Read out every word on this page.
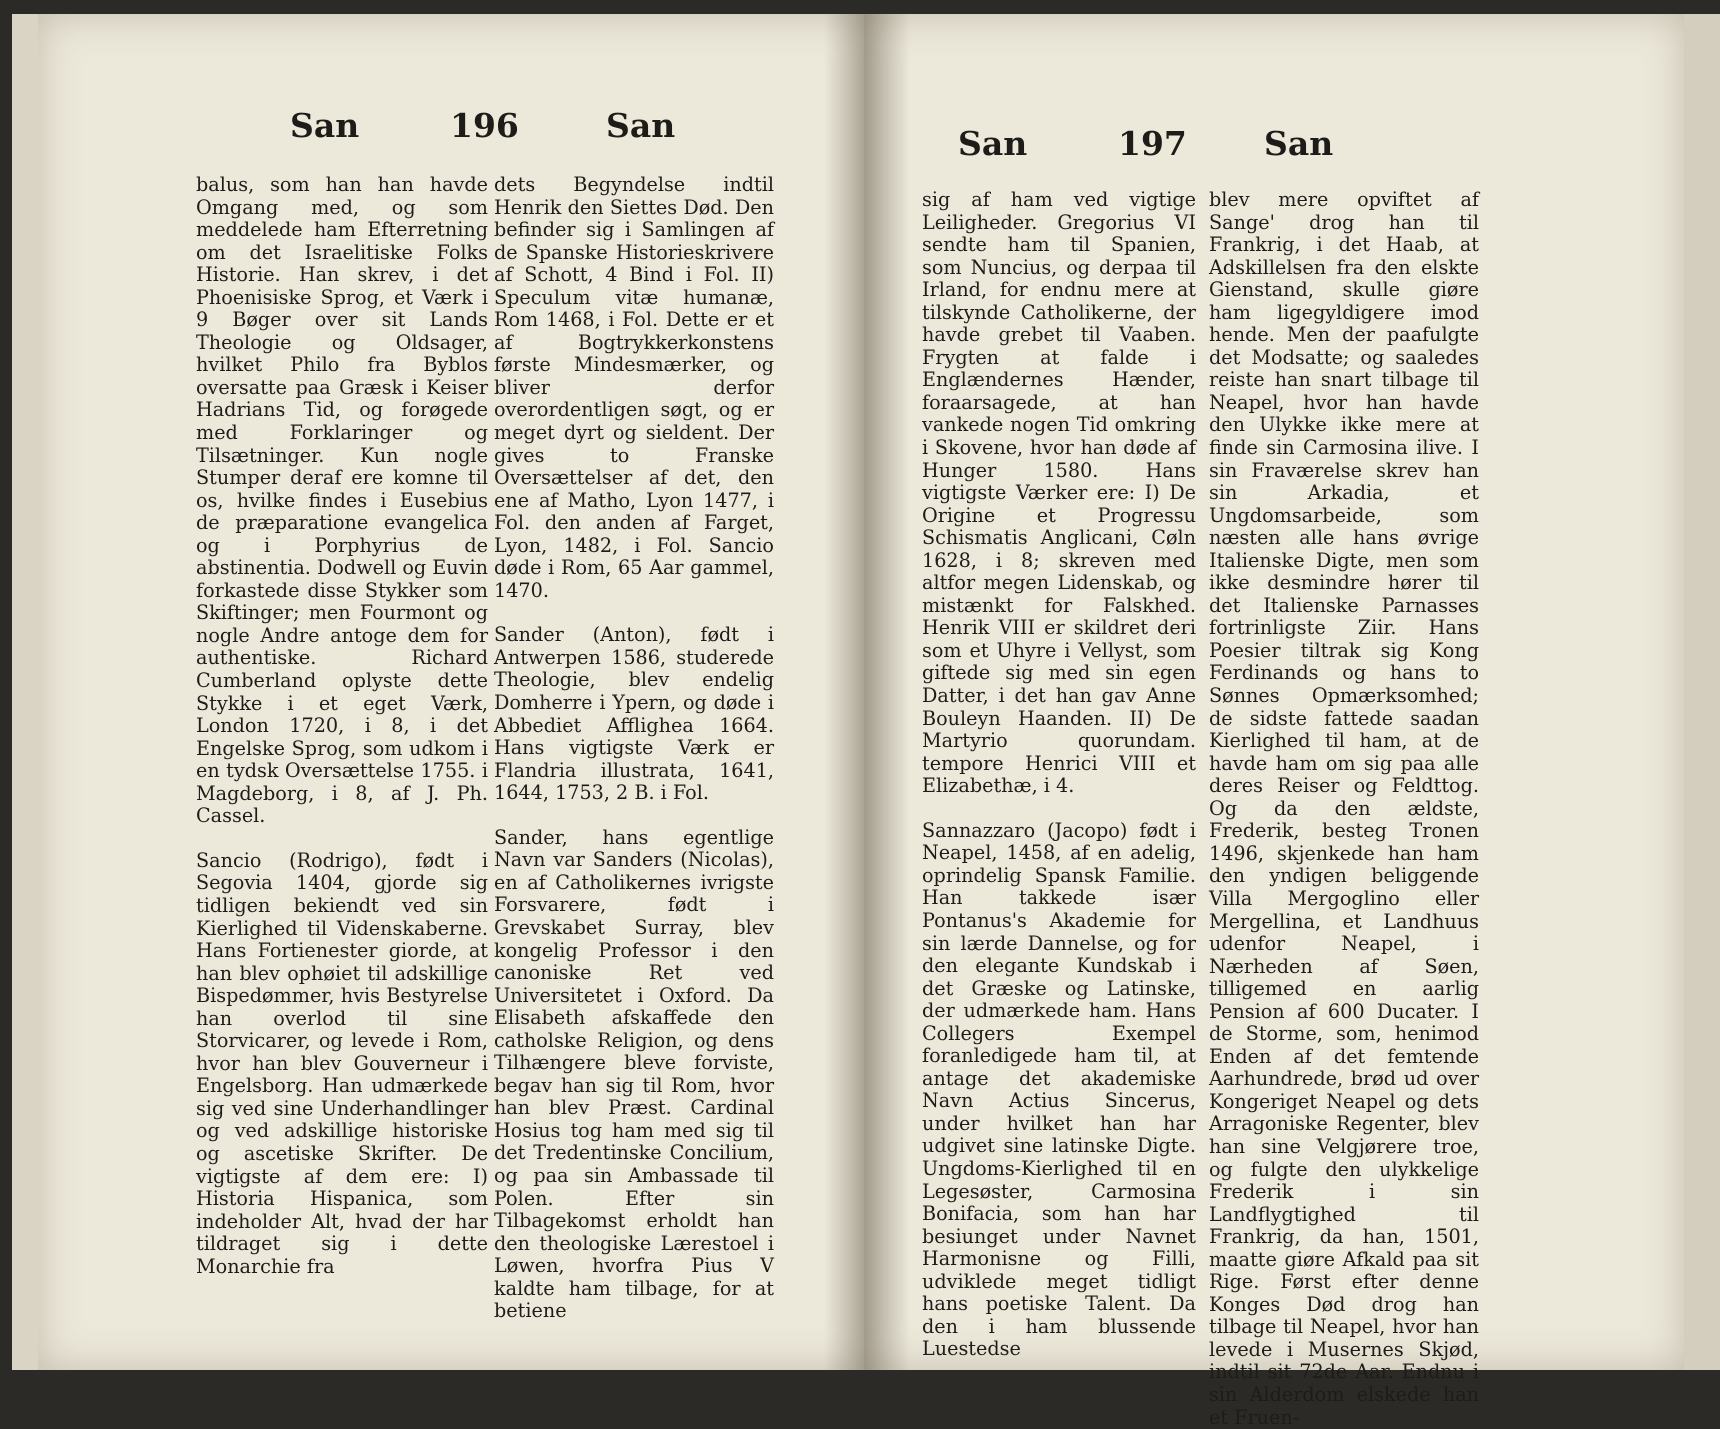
San	196	San

balus, som han han havde Omgang med, og som meddelede ham Efterretning om det Israelitiske Folks Historie. Han skrev, i det Phoenisiske Sprog, et Værk i 9 Bøger over sit Lands Theologie og Oldsager, hvilket Philo fra Byblos oversatte paa Græsk i Keiser Hadrians Tid, og forøgede med Forklaringer og Tilsætninger. Kun nogle Stumper deraf ere komne til os, hvilke findes i Eusebius de præparatione evangelica og i Porphyrius de abstinentia. Dodwell og Euvin forkastede disse Stykker som Skiftinger; men Fourmont og nogle Andre antoge dem for authentiske. Richard Cumberland oplyste dette Stykke i et eget Værk, London 1720, i 8, i det Engelske Sprog, som udkom i en tydsk Oversættelse 1755. i Magdeborg, i 8, af J. Ph. Cassel.

Sancio (Rodrigo), født i Segovia 1404, gjorde sig tidligen bekiendt ved sin Kierlighed til Videnskaberne. Hans Fortienester giorde, at han blev ophøiet til adskillige Bispedømmer, hvis Bestyrelse han overlod til sine Storvicarer, og levede i Rom, hvor han blev Gouverneur i Engelsborg. Han udmærkede sig ved sine Underhandlinger og ved adskillige historiske og ascetiske Skrifter. De vigtigste af dem ere: I) Historia Hispanica, som indeholder Alt, hvad der har tildraget sig i dette Monarchie fra

dets Begyndelse indtil Henrik den Siettes Død. Den befinder sig i Samlingen af de Spanske Historieskrivere af Schott, 4 Bind i Fol. II) Speculum vitæ humanæ, Rom 1468, i Fol. Dette er et af Bogtrykkerkonstens første Mindesmærker, og bliver derfor overordentligen søgt, og er meget dyrt og sieldent. Der gives to Franske Oversættelser af det, den ene af Matho, Lyon 1477, i Fol. den anden af Farget, Lyon, 1482, i Fol. Sancio døde i Rom, 65 Aar gammel, 1470.

Sander (Anton), født i Antwerpen 1586, studerede Theologie, blev endelig Domherre i Ypern, og døde i Abbediet Afflighea 1664. Hans vigtigste Værk er Flandria illustrata, 1641, 1644, 1753, 2 B. i Fol.

Sander, hans egentlige Navn var Sanders (Nicolas), en af Catholikernes ivrigste Forsvarere, født i Grevskabet Surray, blev kongelig Professor i den canoniske Ret ved Universitetet i Oxford. Da Elisabeth afskaffede den catholske Religion, og dens Tilhængere bleve forviste, begav han sig til Rom, hvor han blev Præst. Cardinal Hosius tog ham med sig til det Tredentinske Concilium, og paa sin Ambassade til Polen. Efter sin Tilbagekomst erholdt han den theologiske Lærestoel i Løwen, hvorfra Pius V kaldte ham tilbage, for at betiene

San	197 San

sig af ham ved vigtige Leiligheder. Gregorius VI sendte ham til Spanien, som Nuncius, og derpaa til Irland, for endnu mere at tilskynde Catholikerne, der havde grebet til Vaaben. Frygten at falde i Englændernes Hænder, foraarsagede, at han vankede nogen Tid omkring i Skovene, hvor han døde af Hunger 1580. Hans vigtigste Værker ere: I) De Origine et Progressu Schismatis Anglicani, Cøln 1628, i 8; skreven med altfor megen Lidenskab, og mistænkt for Falskhed. Henrik VIII er skildret deri som et Uhyre i Vellyst, som giftede sig med sin egen Datter, i det han gav Anne Bouleyn Haanden. II) De Martyrio quorundam. tempore Henrici VIII et Elizabethæ, i 4.

Sannazzaro (Jacopo) født i Neapel, 1458, af en adelig, oprindelig Spansk Familie. Han takkede især Pontanus's Akademie for sin lærde Dannelse, og for den elegante Kundskab i det Græske og Latinske, der udmærkede ham. Hans Collegers Exempel foranledigede ham til, at antage det akademiske Navn Actius Sincerus, under hvilket han har udgivet sine latinske Digte. Ungdoms-Kierlighed til en Legesøster, Carmosina Bonifacia, som han har besiunget under Navnet Harmonisne og Filli, udviklede meget tidligt hans poetiske Talent. Da den i ham blussende Luestedse

blev mere opviftet af Sange' drog han til Frankrig, i det Haab, at Adskillelsen fra den elskte Gienstand, skulle giøre ham ligegyldigere imod hende. Men der paafulgte det Modsatte; og saaledes reiste han snart tilbage til Neapel, hvor han havde den Ulykke ikke mere at finde sin Carmosina ilive. I sin Fraværelse skrev han sin Arkadia, et Ungdomsarbeide, som næsten alle hans øvrige Italienske Digte, men som ikke desmindre hører til det Italienske Parnasses fortrinligste Ziir. Hans Poesier tiltrak sig Kong Ferdinands og hans to Sønnes Opmærksomhed; de sidste fattede saadan Kierlighed til ham, at de havde ham om sig paa alle deres Reiser og Feldttog. Og da den ældste, Frederik, besteg Tronen 1496, skjenkede han ham den yndigen beliggende Villa Mergoglino eller Mergellina, et Landhuus udenfor Neapel, i Nærheden af Søen, tilligemed en aarlig Pension af 600 Ducater. I de Storme, som, henimod Enden af det femtende Aarhundrede, brød ud over Kongeriget Neapel og dets Arragoniske Regenter, blev han sine Velgjørere troe, og fulgte den ulykkelige Frederik i sin Landflygtighed til Frankrig, da han, 1501, maatte giøre Afkald paa sit Rige. Først efter denne Konges Død drog han tilbage til Neapel, hvor han levede i Musernes Skjød, indtil sit 72de Aar. Endnu i sin Alderdom elskede han et Fruen-
